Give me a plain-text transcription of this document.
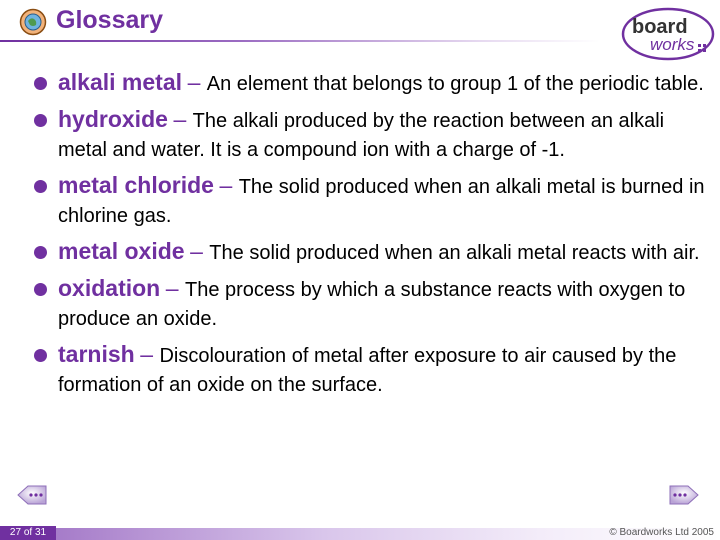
Glossary	board
works
alkali metal – An element that belongs to group 1 of the periodic table.
hydroxide – The alkali produced by the reaction between an alkali metal and water. It is a compound ion with a charge of -1.
metal chloride – The solid produced when an alkali metal is burned in chlorine gas.
metal oxide – The solid produced when an alkali metal reacts with air.
oxidation – The process by which a substance reacts with oxygen to produce an oxide.
tarnish – Discolouration of metal after exposure to air caused by the formation of an oxide on the surface.
27 of 31	© Boardworks Ltd 2005
